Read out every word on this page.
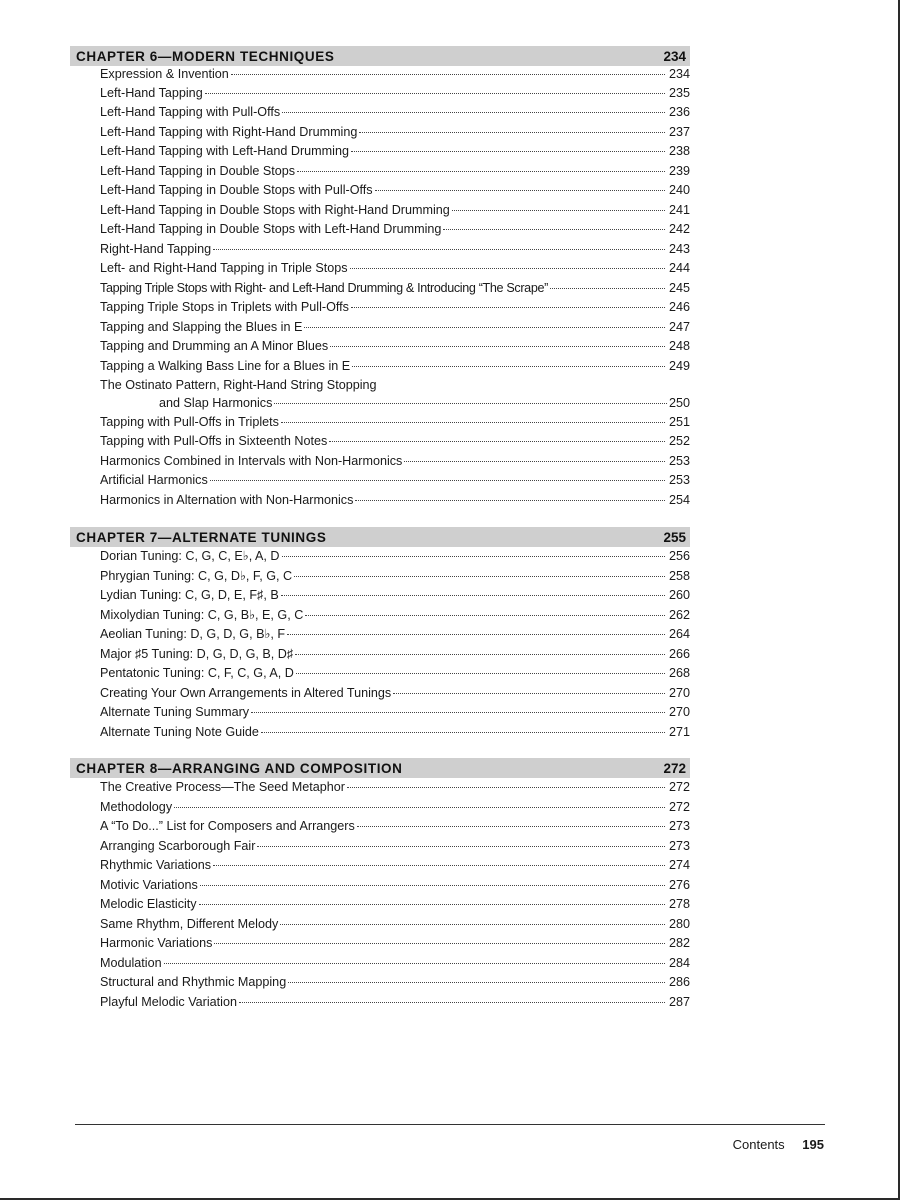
CHAPTER 6—MODERN TECHNIQUES	234
Expression & Invention	234
Left-Hand Tapping	235
Left-Hand Tapping with Pull-Offs	236
Left-Hand Tapping with Right-Hand Drumming	237
Left-Hand Tapping with Left-Hand Drumming	238
Left-Hand Tapping in Double Stops	239
Left-Hand Tapping in Double Stops with Pull-Offs	240
Left-Hand Tapping in Double Stops with Right-Hand Drumming	241
Left-Hand Tapping in Double Stops with Left-Hand Drumming	242
Right-Hand Tapping	243
Left- and Right-Hand Tapping in Triple Stops	244
Tapping Triple Stops with Right- and Left-Hand Drumming & Introducing “The Scrape”	245
Tapping Triple Stops in Triplets with Pull-Offs	246
Tapping and Slapping the Blues in E	247
Tapping and Drumming an A Minor Blues	248
Tapping a Walking Bass Line for a Blues in E	249
The Ostinato Pattern, Right-Hand String Stopping
and Slap Harmonics	250
Tapping with Pull-Offs in Triplets	251
Tapping with Pull-Offs in Sixteenth Notes	252
Harmonics Combined in Intervals with Non-Harmonics	253
Artificial Harmonics	253
Harmonics in Alternation with Non-Harmonics	254
CHAPTER 7—ALTERNATE TUNINGS	255
Dorian Tuning: C, G, C, E♭, A, D	256
Phrygian Tuning: C, G, D♭, F, G, C	258
Lydian Tuning: C, G, D, E, F♯, B	260
Mixolydian Tuning: C, G, B♭, E, G, C	262
Aeolian Tuning: D, G, D, G, B♭, F	264
Major ♯5 Tuning: D, G, D, G, B, D♯	266
Pentatonic Tuning: C, F, C, G, A, D	268
Creating Your Own Arrangements in Altered Tunings	270
Alternate Tuning Summary	270
Alternate Tuning Note Guide	271
CHAPTER 8—ARRANGING AND COMPOSITION	272
The Creative Process—The Seed Metaphor	272
Methodology	272
A “To Do...” List for Composers and Arrangers	273
Arranging Scarborough Fair	273
Rhythmic Variations	274
Motivic Variations	276
Melodic Elasticity	278
Same Rhythm, Different Melody	280
Harmonic Variations	282
Modulation	284
Structural and Rhythmic Mapping	286
Playful Melodic Variation	287
Contents 195
